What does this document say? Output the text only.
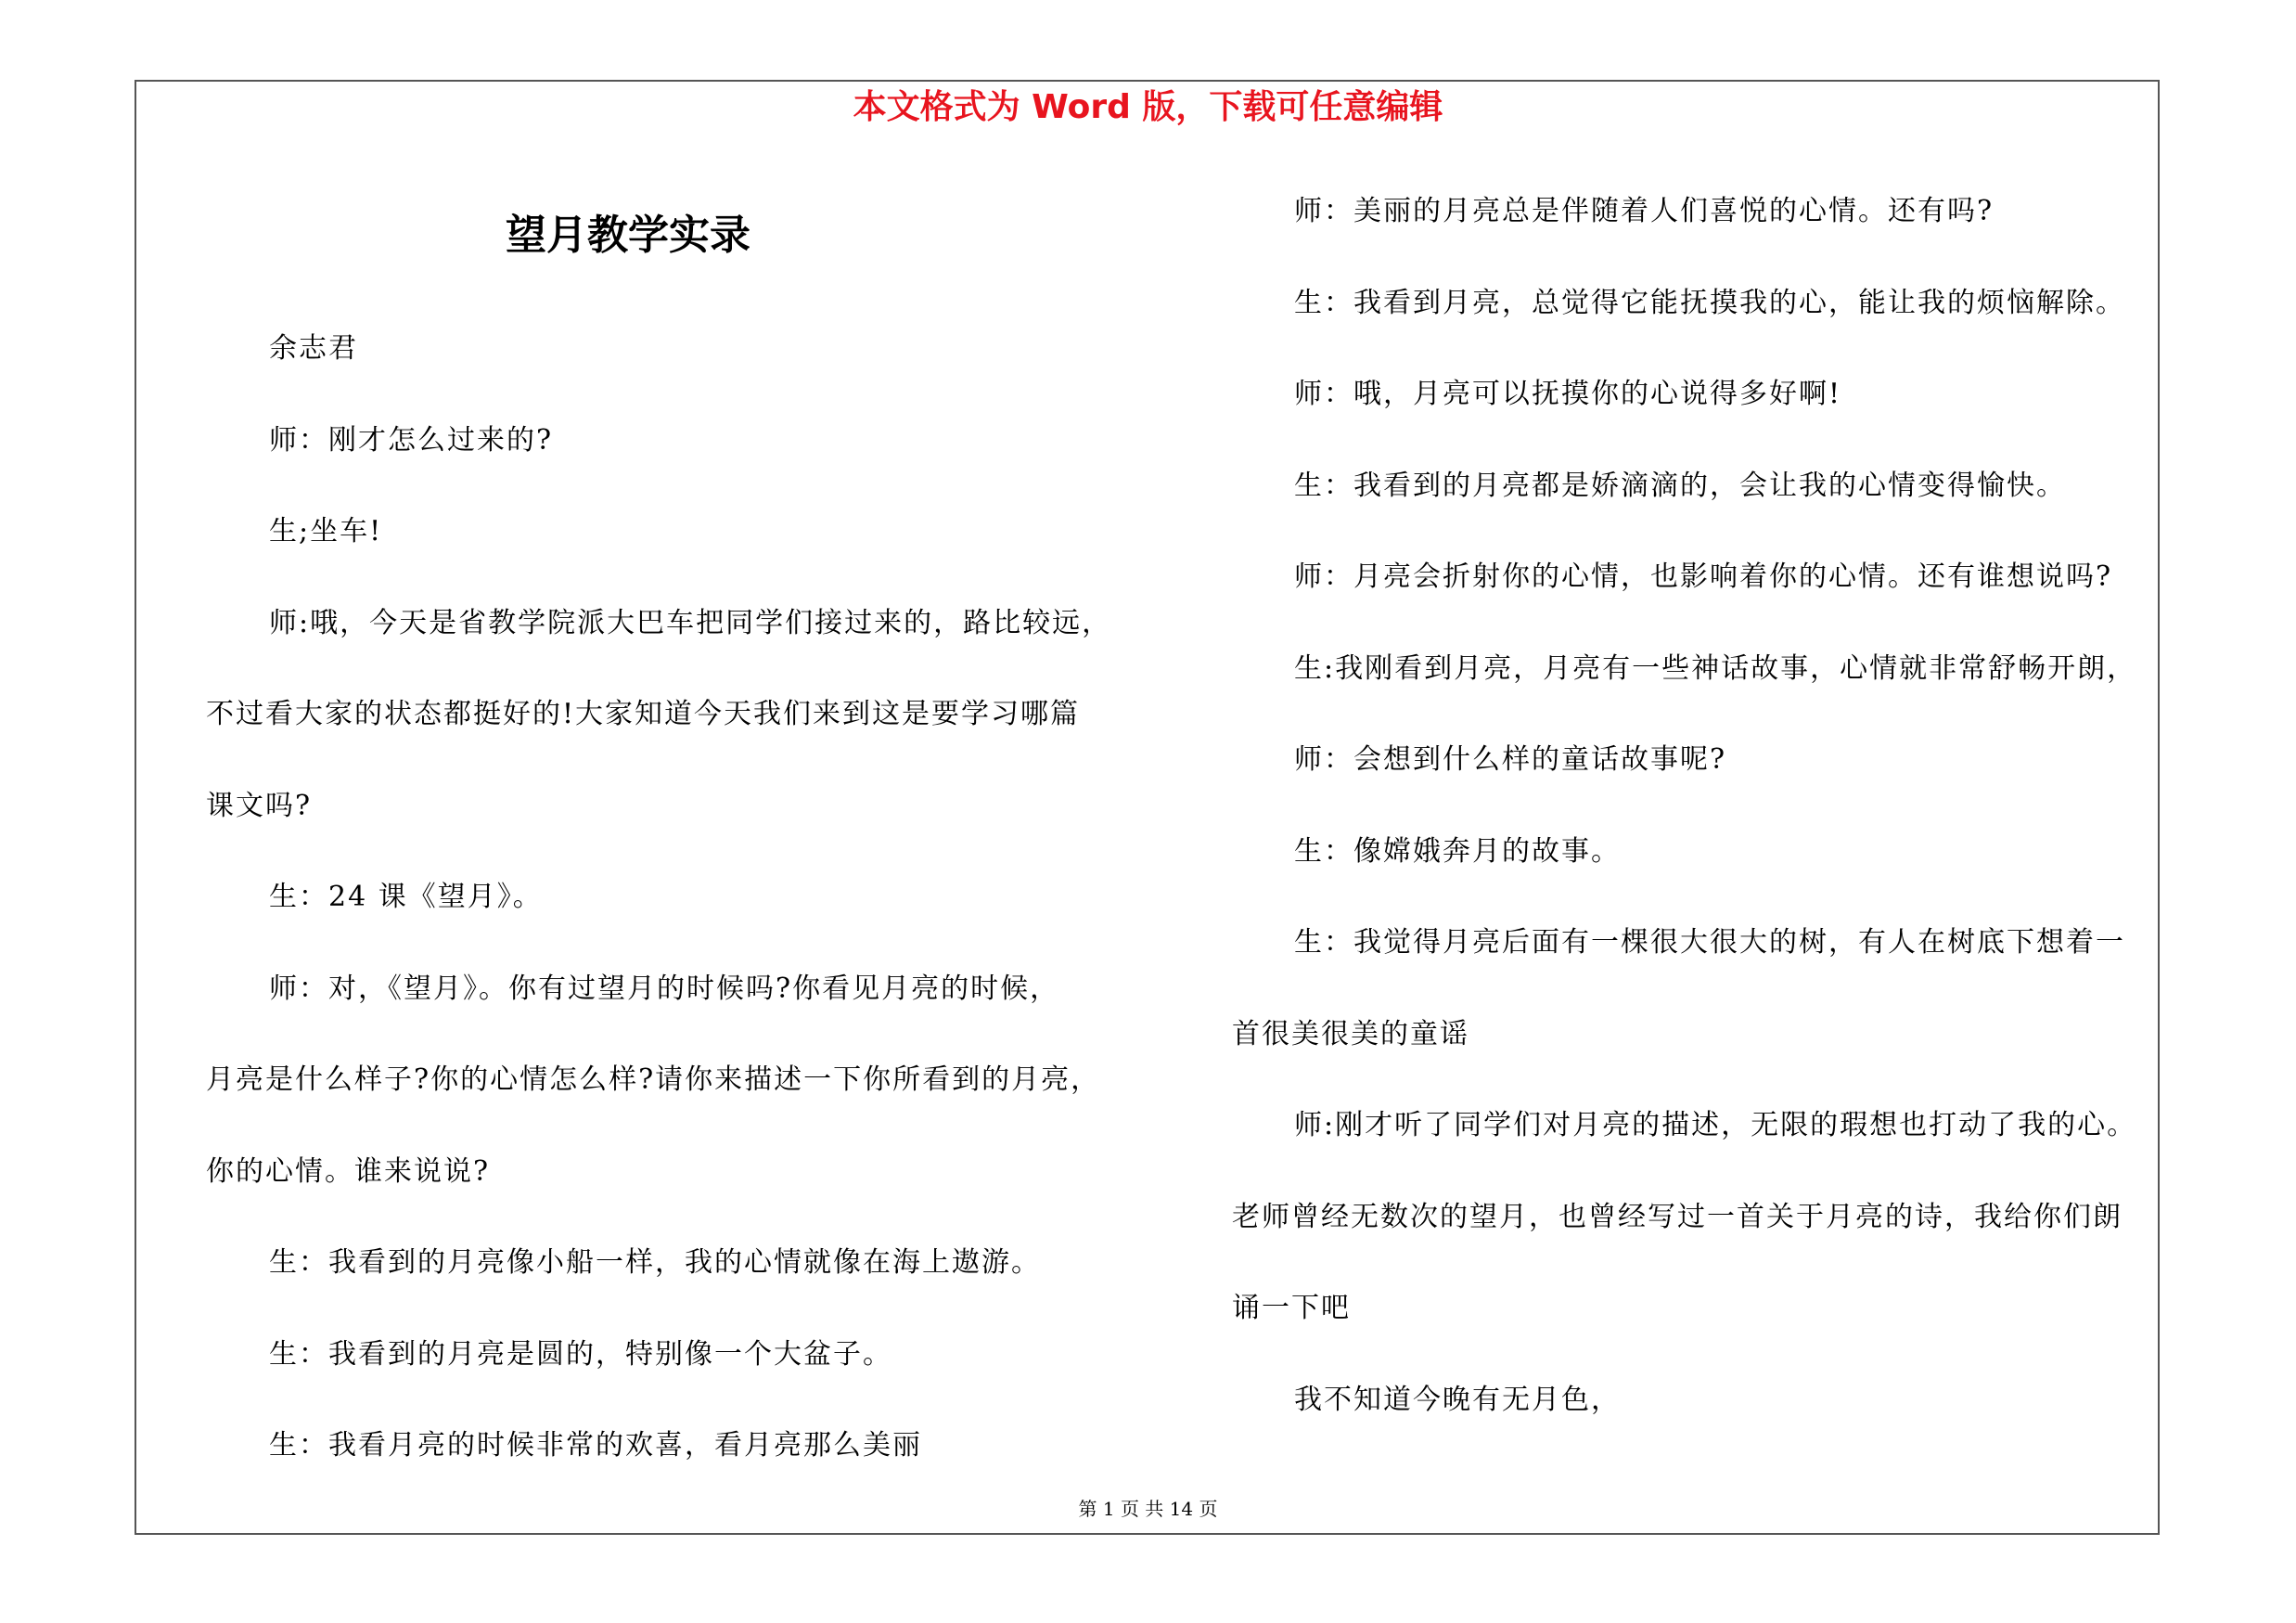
本文格式为 Word 版，下载可任意编辑
望月教学实录
余志君
师：刚才怎么过来的?
生;坐车!
师:哦，今天是省教学院派大巴车把同学们接过来的，路比较远，
不过看大家的状态都挺好的!大家知道今天我们来到这是要学习哪篇
课文吗?
生：24 课《望月》。
师：对，《望月》。你有过望月的时候吗?你看见月亮的时候，
月亮是什么样子?你的心情怎么样?请你来描述一下你所看到的月亮，
你的心情。谁来说说?
生：我看到的月亮像小船一样，我的心情就像在海上遨游。
生：我看到的月亮是圆的，特别像一个大盆子。
生：我看月亮的时候非常的欢喜，看月亮那么美丽
师：美丽的月亮总是伴随着人们喜悦的心情。还有吗?
生：我看到月亮，总觉得它能抚摸我的心，能让我的烦恼解除。
师：哦，月亮可以抚摸你的心说得多好啊!
生：我看到的月亮都是娇滴滴的，会让我的心情变得愉快。
师：月亮会折射你的心情，也影响着你的心情。还有谁想说吗?
生:我刚看到月亮，月亮有一些神话故事，心情就非常舒畅开朗，
师：会想到什么样的童话故事呢?
生：像嫦娥奔月的故事。
生：我觉得月亮后面有一棵很大很大的树，有人在树底下想着一
首很美很美的童谣
师:刚才听了同学们对月亮的描述，无限的瑕想也打动了我的心。
老师曾经无数次的望月，也曾经写过一首关于月亮的诗，我给你们朗
诵一下吧
我不知道今晚有无月色，
第 1 页 共 14 页
